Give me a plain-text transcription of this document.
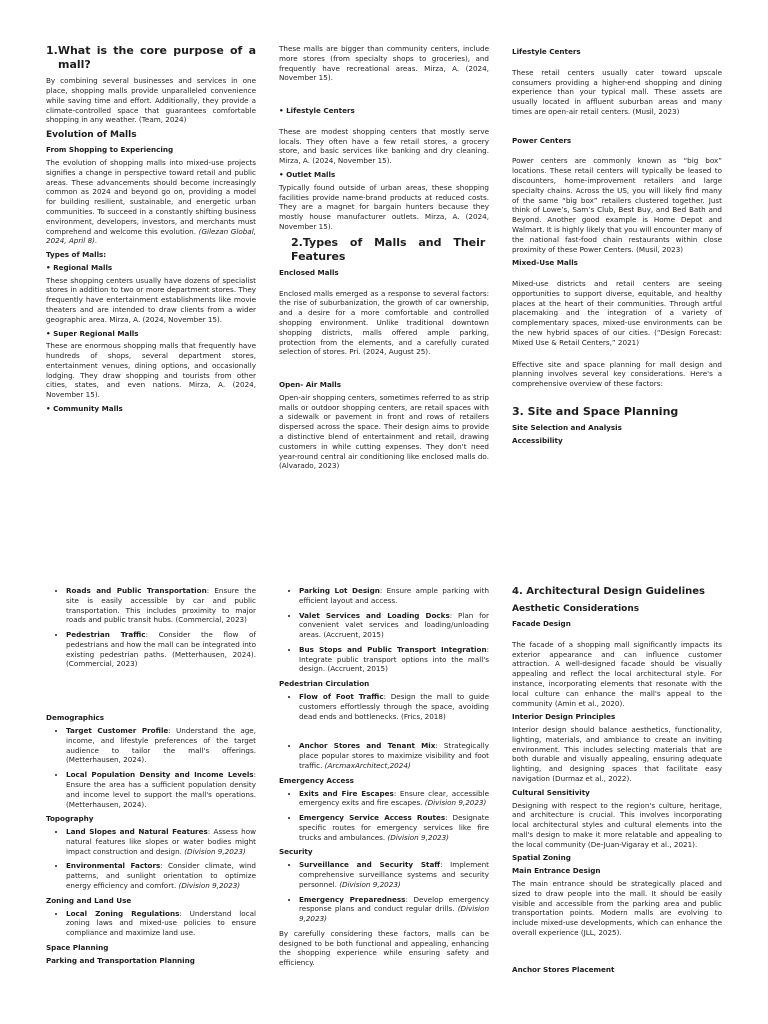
1.What is the core purpose of a mall?

By combining several businesses and services in one place, shopping malls provide unparalleled convenience while saving time and effort. Additionally, they provide a climate-controlled space that guarantees comfortable shopping in any weather. (Team, 2024)

Evolution of Malls
From Shopping to Experiencing

The evolution of shopping malls into mixed-use projects signifies a change in perspective toward retail and public areas. These advancements should become increasingly common as 2024 and beyond go on, providing a model for building resilient, sustainable, and energetic urban communities. To succeed in a constantly shifting business environment, developers, investors, and merchants must comprehend and welcome this evolution. (Gilezan Global, 2024, April 8).

Types of Malls:
• Regional Malls

These shopping centers usually have dozens of specialist stores in addition to two or more department stores. They frequently have entertainment establishments like movie theaters and are intended to draw clients from a wider geographic area. Mirza, A. (2024, November 15).

• Super Regional Malls

These are enormous shopping malls that frequently have hundreds of shops, several department stores, entertainment venues, dining options, and occasionally lodging. They draw shopping and tourists from other cities, states, and even nations. Mirza, A. (2024, November 15).

• Community Malls

These malls are bigger than community centers, include more stores (from specialty shops to groceries), and frequently have recreational areas. Mirza, A. (2024, November 15).

• Lifestyle Centers

These are modest shopping centers that mostly serve locals. They often have a few retail stores, a grocery store, and basic services like banking and dry cleaning. Mirza, A. (2024, November 15).

• Outlet Malls

Typically found outside of urban areas, these shopping facilities provide name-brand products at reduced costs. They are a magnet for bargain hunters because they mostly house manufacturer outlets. Mirza, A. (2024, November 15).

2.Types of Malls and Their Features
Enclosed Malls

Enclosed malls emerged as a response to several factors: the rise of suburbanization, the growth of car ownership, and a desire for a more comfortable and controlled shopping environment. Unlike traditional downtown shopping districts, malls offered ample parking, protection from the elements, and a carefully curated selection of stores. Pri. (2024, August 25).

Open- Air Malls

Open-air shopping centers, sometimes referred to as strip malls or outdoor shopping centers, are retail spaces with a sidewalk or pavement in front and rows of retailers dispersed across the space. Their design aims to provide a distinctive blend of entertainment and retail, drawing customers in while cutting expenses. They don't need year-round central air conditioning like enclosed malls do. (Alvarado, 2023)

Lifestyle Centers

These retail centers usually cater toward upscale consumers providing a higher-end shopping and dining experience than your typical mall. These assets are usually located in affluent suburban areas and many times are open-air retail centers. (Musil, 2023)

Power Centers

Power centers are commonly known as “big box” locations. These retail centers will typically be leased to discounters, home-improvement retailers and large specialty chains. Across the US, you will likely find many of the same “big box” retailers clustered together. Just think of Lowe’s, Sam’s Club, Best Buy, and Bed Bath and Beyond. Another good example is Home Depot and Walmart. It is highly likely that you will encounter many of the national fast-food chain restaurants within close proximity of these Power Centers. (Musil, 2023)

Mixed-Use Malls

Mixed-use districts and retail centers are seeing opportunities to support diverse, equitable, and healthy places at the heart of their communities. Through artful placemaking and the integration of a variety of complementary spaces, mixed-use environments can be the new hybrid spaces of our cities. (“Design Forecast: Mixed Use & Retail Centers,” 2021)

Effective site and space planning for mall design and planning involves several key considerations. Here's a comprehensive overview of these factors:

3. Site and Space Planning
Site Selection and Analysis
Accessibility
• Roads and Public Transportation: Ensure the site is easily accessible by car and public transportation. This includes proximity to major roads and public transit hubs. (Commercial, 2023)
• Pedestrian Traffic: Consider the flow of pedestrians and how the mall can be integrated into existing pedestrian paths. (Metterhausen, 2024). (Commercial, 2023)
Demographics
• Target Customer Profile: Understand the age, income, and lifestyle preferences of the target audience to tailor the mall's offerings. (Metterhausen, 2024).
• Local Population Density and Income Levels: Ensure the area has a sufficient population density and income level to support the mall's operations. (Metterhausen, 2024).
Topography
• Land Slopes and Natural Features: Assess how natural features like slopes or water bodies might impact construction and design. (Division 9,2023)
• Environmental Factors: Consider climate, wind patterns, and sunlight orientation to optimize energy efficiency and comfort. (Division 9,2023)
Zoning and Land Use
• Local Zoning Regulations: Understand local zoning laws and mixed-use policies to ensure compliance and maximize land use.
Space Planning
Parking and Transportation Planning
• Parking Lot Design: Ensure ample parking with efficient layout and access.
• Valet Services and Loading Docks: Plan for convenient valet services and loading/unloading areas. (Accruent, 2015)
• Bus Stops and Public Transport Integration: Integrate public transport options into the mall's design. (Accruent, 2015)
Pedestrian Circulation
• Flow of Foot Traffic: Design the mall to guide customers effortlessly through the space, avoiding dead ends and bottlenecks. (Frics, 2018)
• Anchor Stores and Tenant Mix: Strategically place popular stores to maximize visibility and foot traffic. (ArcmaxArchitect,2024)
Emergency Access
• Exits and Fire Escapes: Ensure clear, accessible emergency exits and fire escapes. (Division 9,2023)
• Emergency Service Access Routes: Designate specific routes for emergency services like fire trucks and ambulances. (Division 9,2023)
Security
• Surveillance and Security Staff: Implement comprehensive surveillance systems and security personnel. (Division 9,2023)
• Emergency Preparedness: Develop emergency response plans and conduct regular drills. (Division 9,2023)

By carefully considering these factors, malls can be designed to be both functional and appealing, enhancing the shopping experience while ensuring safety and efficiency.

4. Architectural Design Guidelines
Aesthetic Considerations
Facade Design

The facade of a shopping mall significantly impacts its exterior appearance and can influence customer attraction. A well-designed facade should be visually appealing and reflect the local architectural style. For instance, incorporating elements that resonate with the local culture can enhance the mall's appeal to the community (Amin et al., 2020).

Interior Design Principles

Interior design should balance aesthetics, functionality, lighting, materials, and ambiance to create an inviting environment. This includes selecting materials that are both durable and visually appealing, ensuring adequate lighting, and designing spaces that facilitate easy navigation (Durmaz et al., 2022).

Cultural Sensitivity

Designing with respect to the region's culture, heritage, and architecture is crucial. This involves incorporating local architectural styles and cultural elements into the mall's design to make it more relatable and appealing to the local community (De-Juan-Vigaray et al., 2021).

Spatial Zoning
Main Entrance Design

The main entrance should be strategically placed and sized to draw people into the mall. It should be easily visible and accessible from the parking area and public transportation points. Modern malls are evolving to include mixed-use developments, which can enhance the overall experience (JLL, 2025).

Anchor Stores Placement
